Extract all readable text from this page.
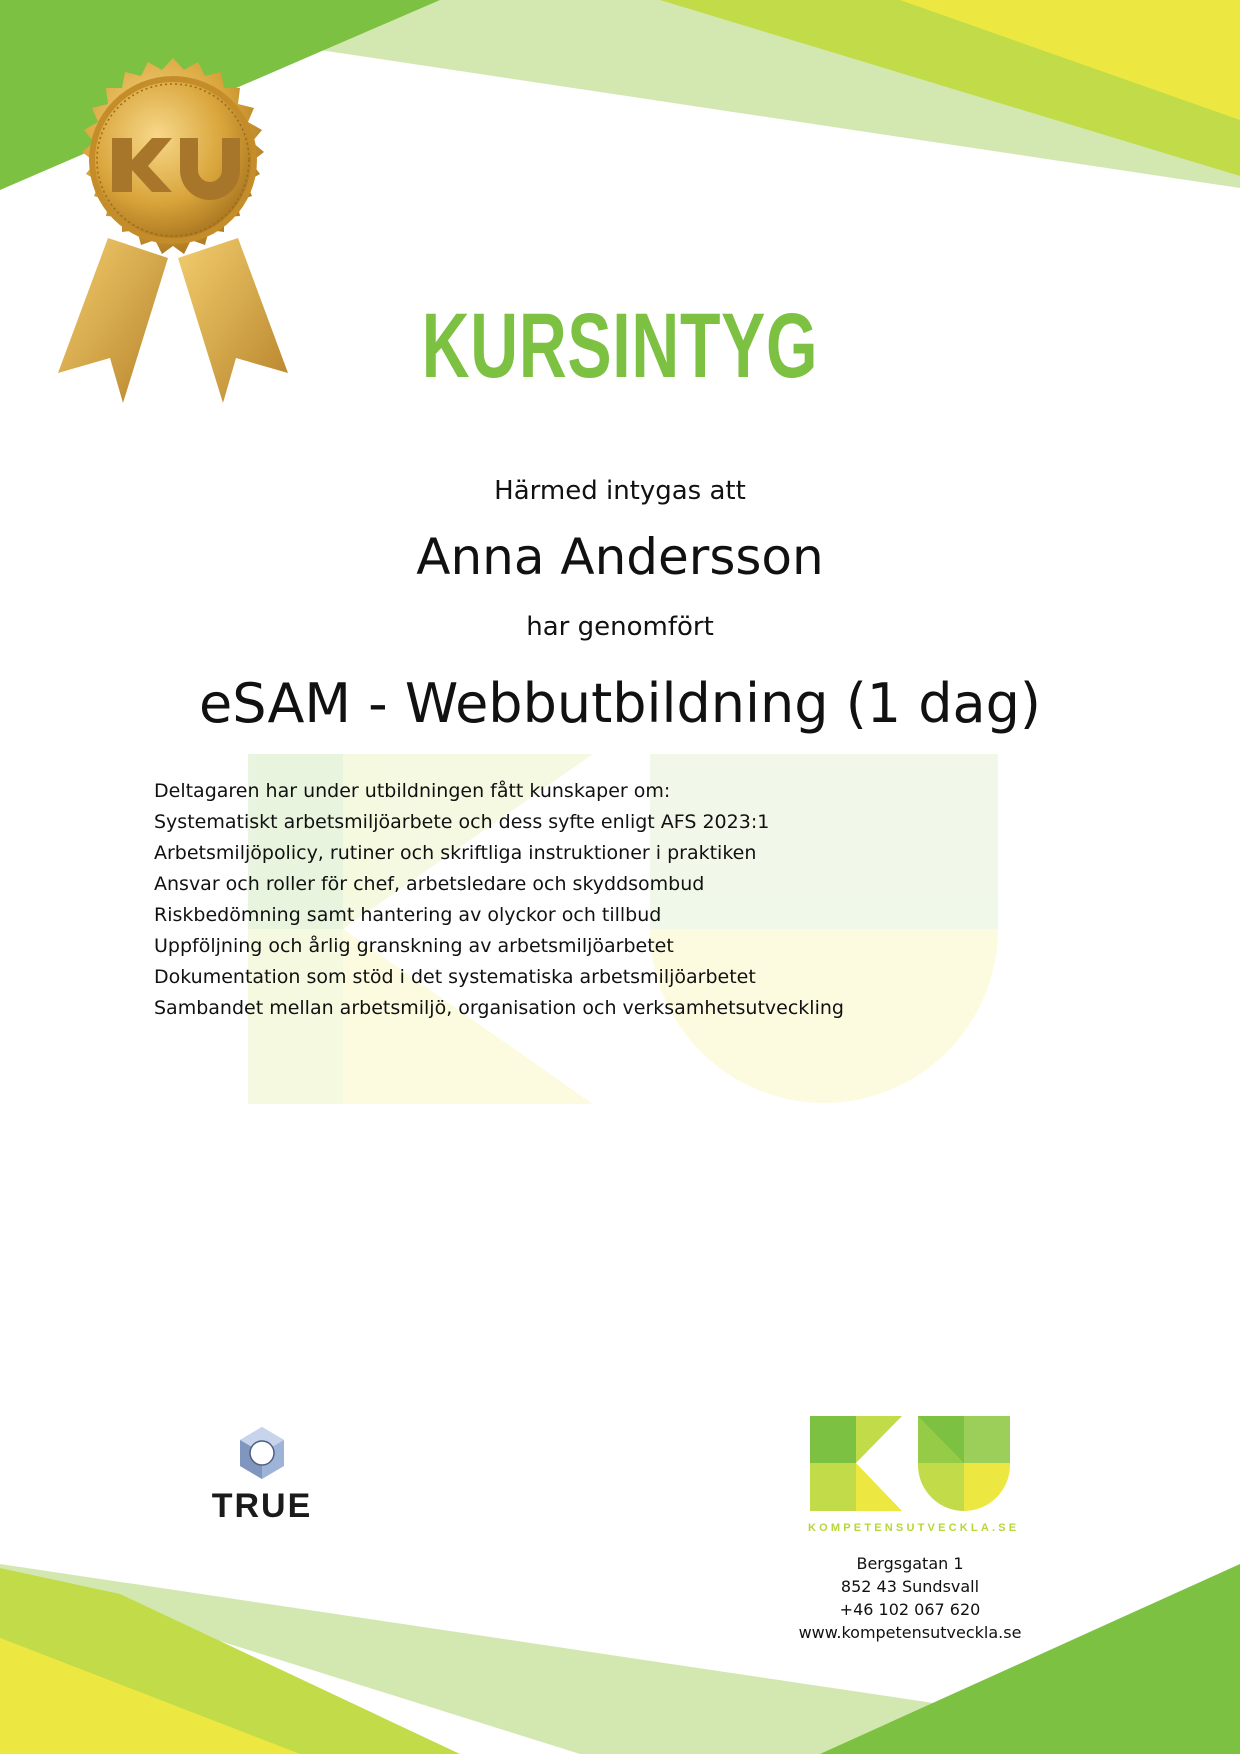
KURSINTYG

Härmed intygas att

Anna Andersson

har genomfört

eSAM - Webbutbildning (1 dag)

Deltagaren har under utbildningen fått kunskaper om:
Systematiskt arbetsmiljöarbete och dess syfte enligt AFS 2023:1
Arbetsmiljöpolicy, rutiner och skriftliga instruktioner i praktiken
Ansvar och roller för chef, arbetsledare och skyddsombud
Riskbedömning samt hantering av olyckor och tillbud
Uppföljning och årlig granskning av arbetsmiljöarbetet
Dokumentation som stöd i det systematiska arbetsmiljöarbetet
Sambandet mellan arbetsmiljö, organisation och verksamhetsutveckling
TRUE
KOMPETENSUTVECKLA.SE
Bergsgatan 1
852 43 Sundsvall
+46 102 067 620
www.kompetensutveckla.se
